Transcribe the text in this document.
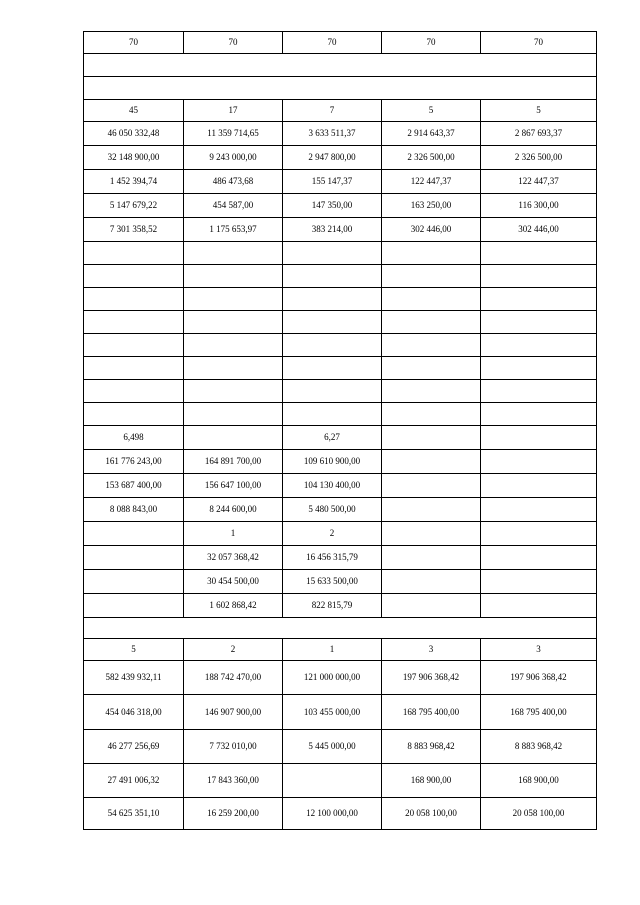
70	70	70	70	70

45	17	7	5	5
46 050 332,48	11 359 714,65	3 633 511,37	2 914 643,37	2 867 693,37
32 148 900,00	9 243 000,00	2 947 800,00	2 326 500,00	2 326 500,00
1 452 394,74	486 473,68	155 147,37	122 447,37	122 447,37
5 147 679,22	454 587,00	147 350,00	163 250,00	116 300,00
7 301 358,52	1 175 653,97	383 214,00	302 446,00	302 446,00

6,498		6,27		
161 776 243,00	164 891 700,00	109 610 900,00		
153 687 400,00	156 647 100,00	104 130 400,00		
8 088 843,00	8 244 600,00	5 480 500,00		
	1	2		
	32 057 368,42	16 456 315,79		
	30 454 500,00	15 633 500,00		
	1 602 868,42	822 815,79		

5	2	1	3	3
582 439 932,11	188 742 470,00	121 000 000,00	197 906 368,42	197 906 368,42
454 046 318,00	146 907 900,00	103 455 000,00	168 795 400,00	168 795 400,00
46 277 256,69	7 732 010,00	5 445 000,00	8 883 968,42	8 883 968,42
27 491 006,32	17 843 360,00		168 900,00	168 900,00
54 625 351,10	16 259 200,00	12 100 000,00	20 058 100,00	20 058 100,00
